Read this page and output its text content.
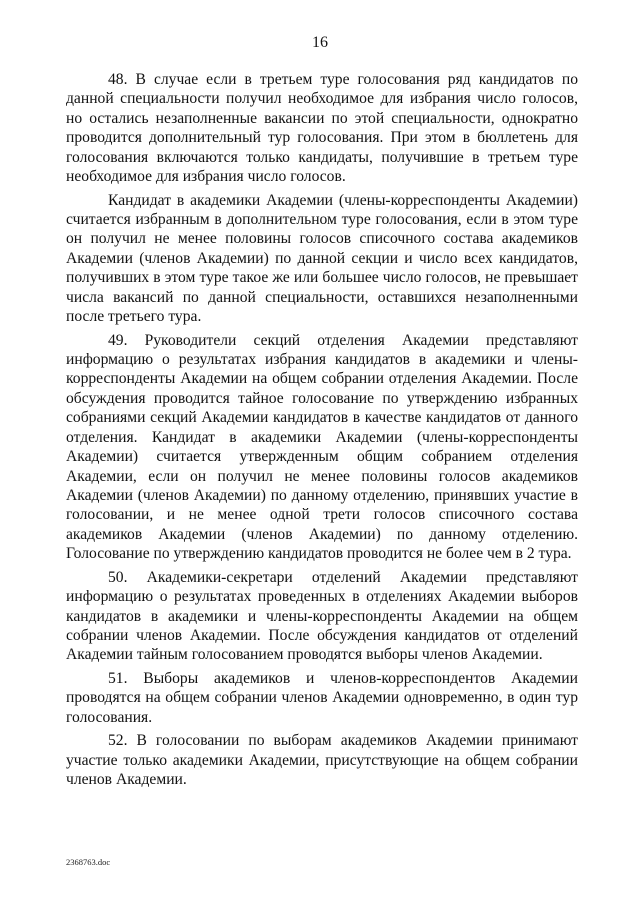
16

48. В случае если в третьем туре голосования ряд кандидатов по данной специальности получил необходимое для избрания число голосов, но остались незаполненные вакансии по этой специальности, однократно проводится дополнительный тур голосования. При этом в бюллетень для голосования включаются только кандидаты, получившие в третьем туре необходимое для избрания число голосов.

Кандидат в академики Академии (члены-корреспонденты Академии) считается избранным в дополнительном туре голосования, если в этом туре он получил не менее половины голосов списочного состава академиков Академии (членов Академии) по данной секции и число всех кандидатов, получивших в этом туре такое же или большее число голосов, не превышает числа вакансий по данной специальности, оставшихся незаполненными после третьего тура.

49. Руководители секций отделения Академии представляют информацию о результатах избрания кандидатов в академики и члены-корреспонденты Академии на общем собрании отделения Академии. После обсуждения проводится тайное голосование по утверждению избранных собраниями секций Академии кандидатов в качестве кандидатов от данного отделения. Кандидат в академики Академии (члены-корреспонденты Академии) считается утвержденным общим собранием отделения Академии, если он получил не менее половины голосов академиков Академии (членов Академии) по данному отделению, принявших участие в голосовании, и не менее одной трети голосов списочного состава академиков Академии (членов Академии) по данному отделению. Голосование по утверждению кандидатов проводится не более чем в 2 тура.

50. Академики-секретари отделений Академии представляют информацию о результатах проведенных в отделениях Академии выборов кандидатов в академики и члены-корреспонденты Академии на общем собрании членов Академии. После обсуждения кандидатов от отделений Академии тайным голосованием проводятся выборы членов Академии.

51. Выборы академиков и членов-корреспондентов Академии проводятся на общем собрании членов Академии одновременно, в один тур голосования.

52. В голосовании по выборам академиков Академии принимают участие только академики Академии, присутствующие на общем собрании членов Академии.

2368763.doc
